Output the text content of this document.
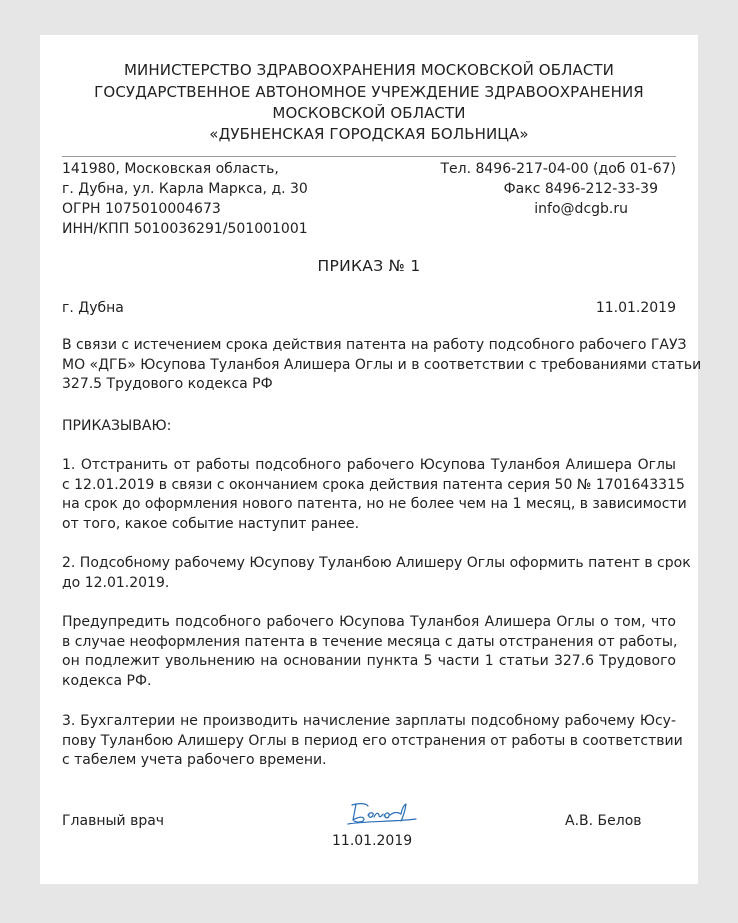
МИНИСТЕРСТВО ЗДРАВООХРАНЕНИЯ МОСКОВСКОЙ ОБЛАСТИ
ГОСУДАРСТВЕННОЕ АВТОНОМНОЕ УЧРЕЖДЕНИЕ ЗДРАВООХРАНЕНИЯ
МОСКОВСКОЙ ОБЛАСТИ
«ДУБНЕНСКАЯ ГОРОДСКАЯ БОЛЬНИЦА»
141980, Московская область,
г. Дубна, ул. Карла Маркса, д. 30
ОГРН 1075010004673
ИНН/КПП 5010036291/501001001
Тел. 8496-217-04-00 (доб 01-67)
Факс 8496-212-33-39
info@dcgb.ru
ПРИКАЗ № 1
г. Дубна	11.01.2019
В связи с истечением срока действия патента на работу подсобного рабочего ГАУЗ
МО «ДГБ» Юсупова Туланбоя Алишера Оглы и в соответствии с требованиями статьи
327.5 Трудового кодекса РФ
ПРИКАЗЫВАЮ:
1. Отстранить от работы подсобного рабочего Юсупова Туланбоя Алишера Оглы
с 12.01.2019 в связи с окончанием срока действия патента серия 50 № 1701643315
на срок до оформления нового патента, но не более чем на 1 месяц, в зависимости
от того, какое событие наступит ранее.
2. Подсобному рабочему Юсупову Туланбою Алишеру Оглы оформить патент в срок
до 12.01.2019.
Предупредить подсобного рабочего Юсупова Туланбоя Алишера Оглы о том, что
в случае неоформления патента в течение месяца с даты отстранения от работы,
он подлежит увольнению на основании пункта 5 части 1 статьи 327.6 Трудового
кодекса РФ.
3. Бухгалтерии не производить начисление зарплаты подсобному рабочему Юсу-
пову Туланбою Алишеру Оглы в период его отстранения от работы в соответствии
с табелем учета рабочего времени.
Главный врач
11.01.2019
А.В. Белов
